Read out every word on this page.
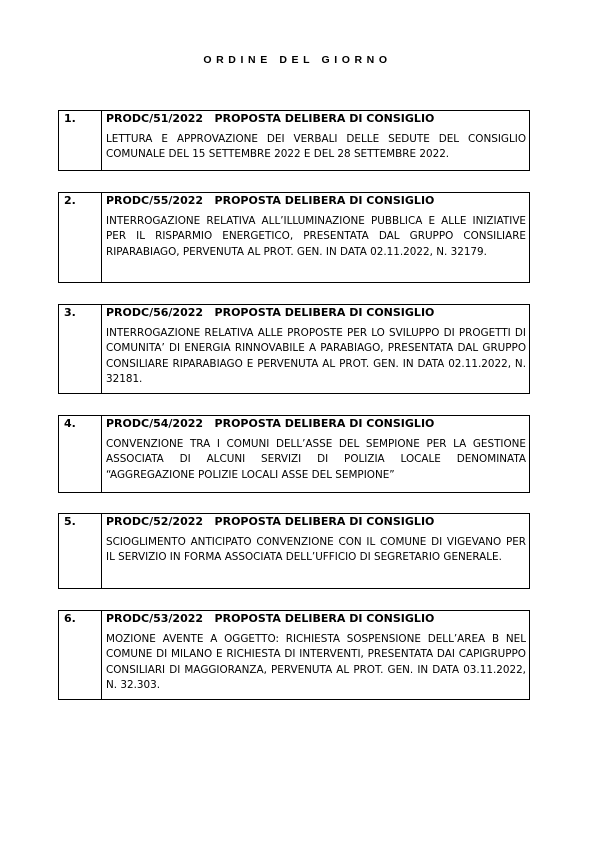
ORDINE DEL GIORNO
1.	PRODC/51/2022   PROPOSTA DELIBERA DI CONSIGLIO
LETTURA E APPROVAZIONE DEI VERBALI DELLE SEDUTE DEL CONSIGLIO COMUNALE DEL 15 SETTEMBRE 2022 E DEL 28 SETTEMBRE 2022.
2.	PRODC/55/2022   PROPOSTA DELIBERA DI CONSIGLIO
INTERROGAZIONE RELATIVA ALL’ILLUMINAZIONE PUBBLICA E ALLE INIZIATIVE PER IL RISPARMIO ENERGETICO, PRESENTATA DAL GRUPPO CONSILIARE RIPARABIAGO, PERVENUTA AL PROT. GEN. IN DATA 02.11.2022, N. 32179.
3.	PRODC/56/2022   PROPOSTA DELIBERA DI CONSIGLIO
INTERROGAZIONE RELATIVA ALLE PROPOSTE PER LO SVILUPPO DI PROGETTI DI COMUNITA’ DI ENERGIA RINNOVABILE A PARABIAGO, PRESENTATA DAL GRUPPO CONSILIARE RIPARABIAGO E PERVENUTA AL PROT. GEN. IN DATA 02.11.2022, N. 32181.
4.	PRODC/54/2022   PROPOSTA DELIBERA DI CONSIGLIO
CONVENZIONE TRA I COMUNI DELL’ASSE DEL SEMPIONE PER LA GESTIONE ASSOCIATA DI ALCUNI SERVIZI DI POLIZIA LOCALE DENOMINATA “AGGREGAZIONE POLIZIE LOCALI ASSE DEL SEMPIONE”
5.	PRODC/52/2022   PROPOSTA DELIBERA DI CONSIGLIO
SCIOGLIMENTO ANTICIPATO CONVENZIONE CON IL COMUNE DI VIGEVANO PER IL SERVIZIO IN FORMA ASSOCIATA DELL’UFFICIO DI SEGRETARIO GENERALE.
6.	PRODC/53/2022   PROPOSTA DELIBERA DI CONSIGLIO
MOZIONE AVENTE A OGGETTO: RICHIESTA SOSPENSIONE DELL’AREA B NEL COMUNE DI MILANO E RICHIESTA DI INTERVENTI, PRESENTATA DAI CAPIGRUPPO CONSILIARI DI MAGGIORANZA, PERVENUTA AL PROT. GEN. IN DATA 03.11.2022, N. 32.303.
